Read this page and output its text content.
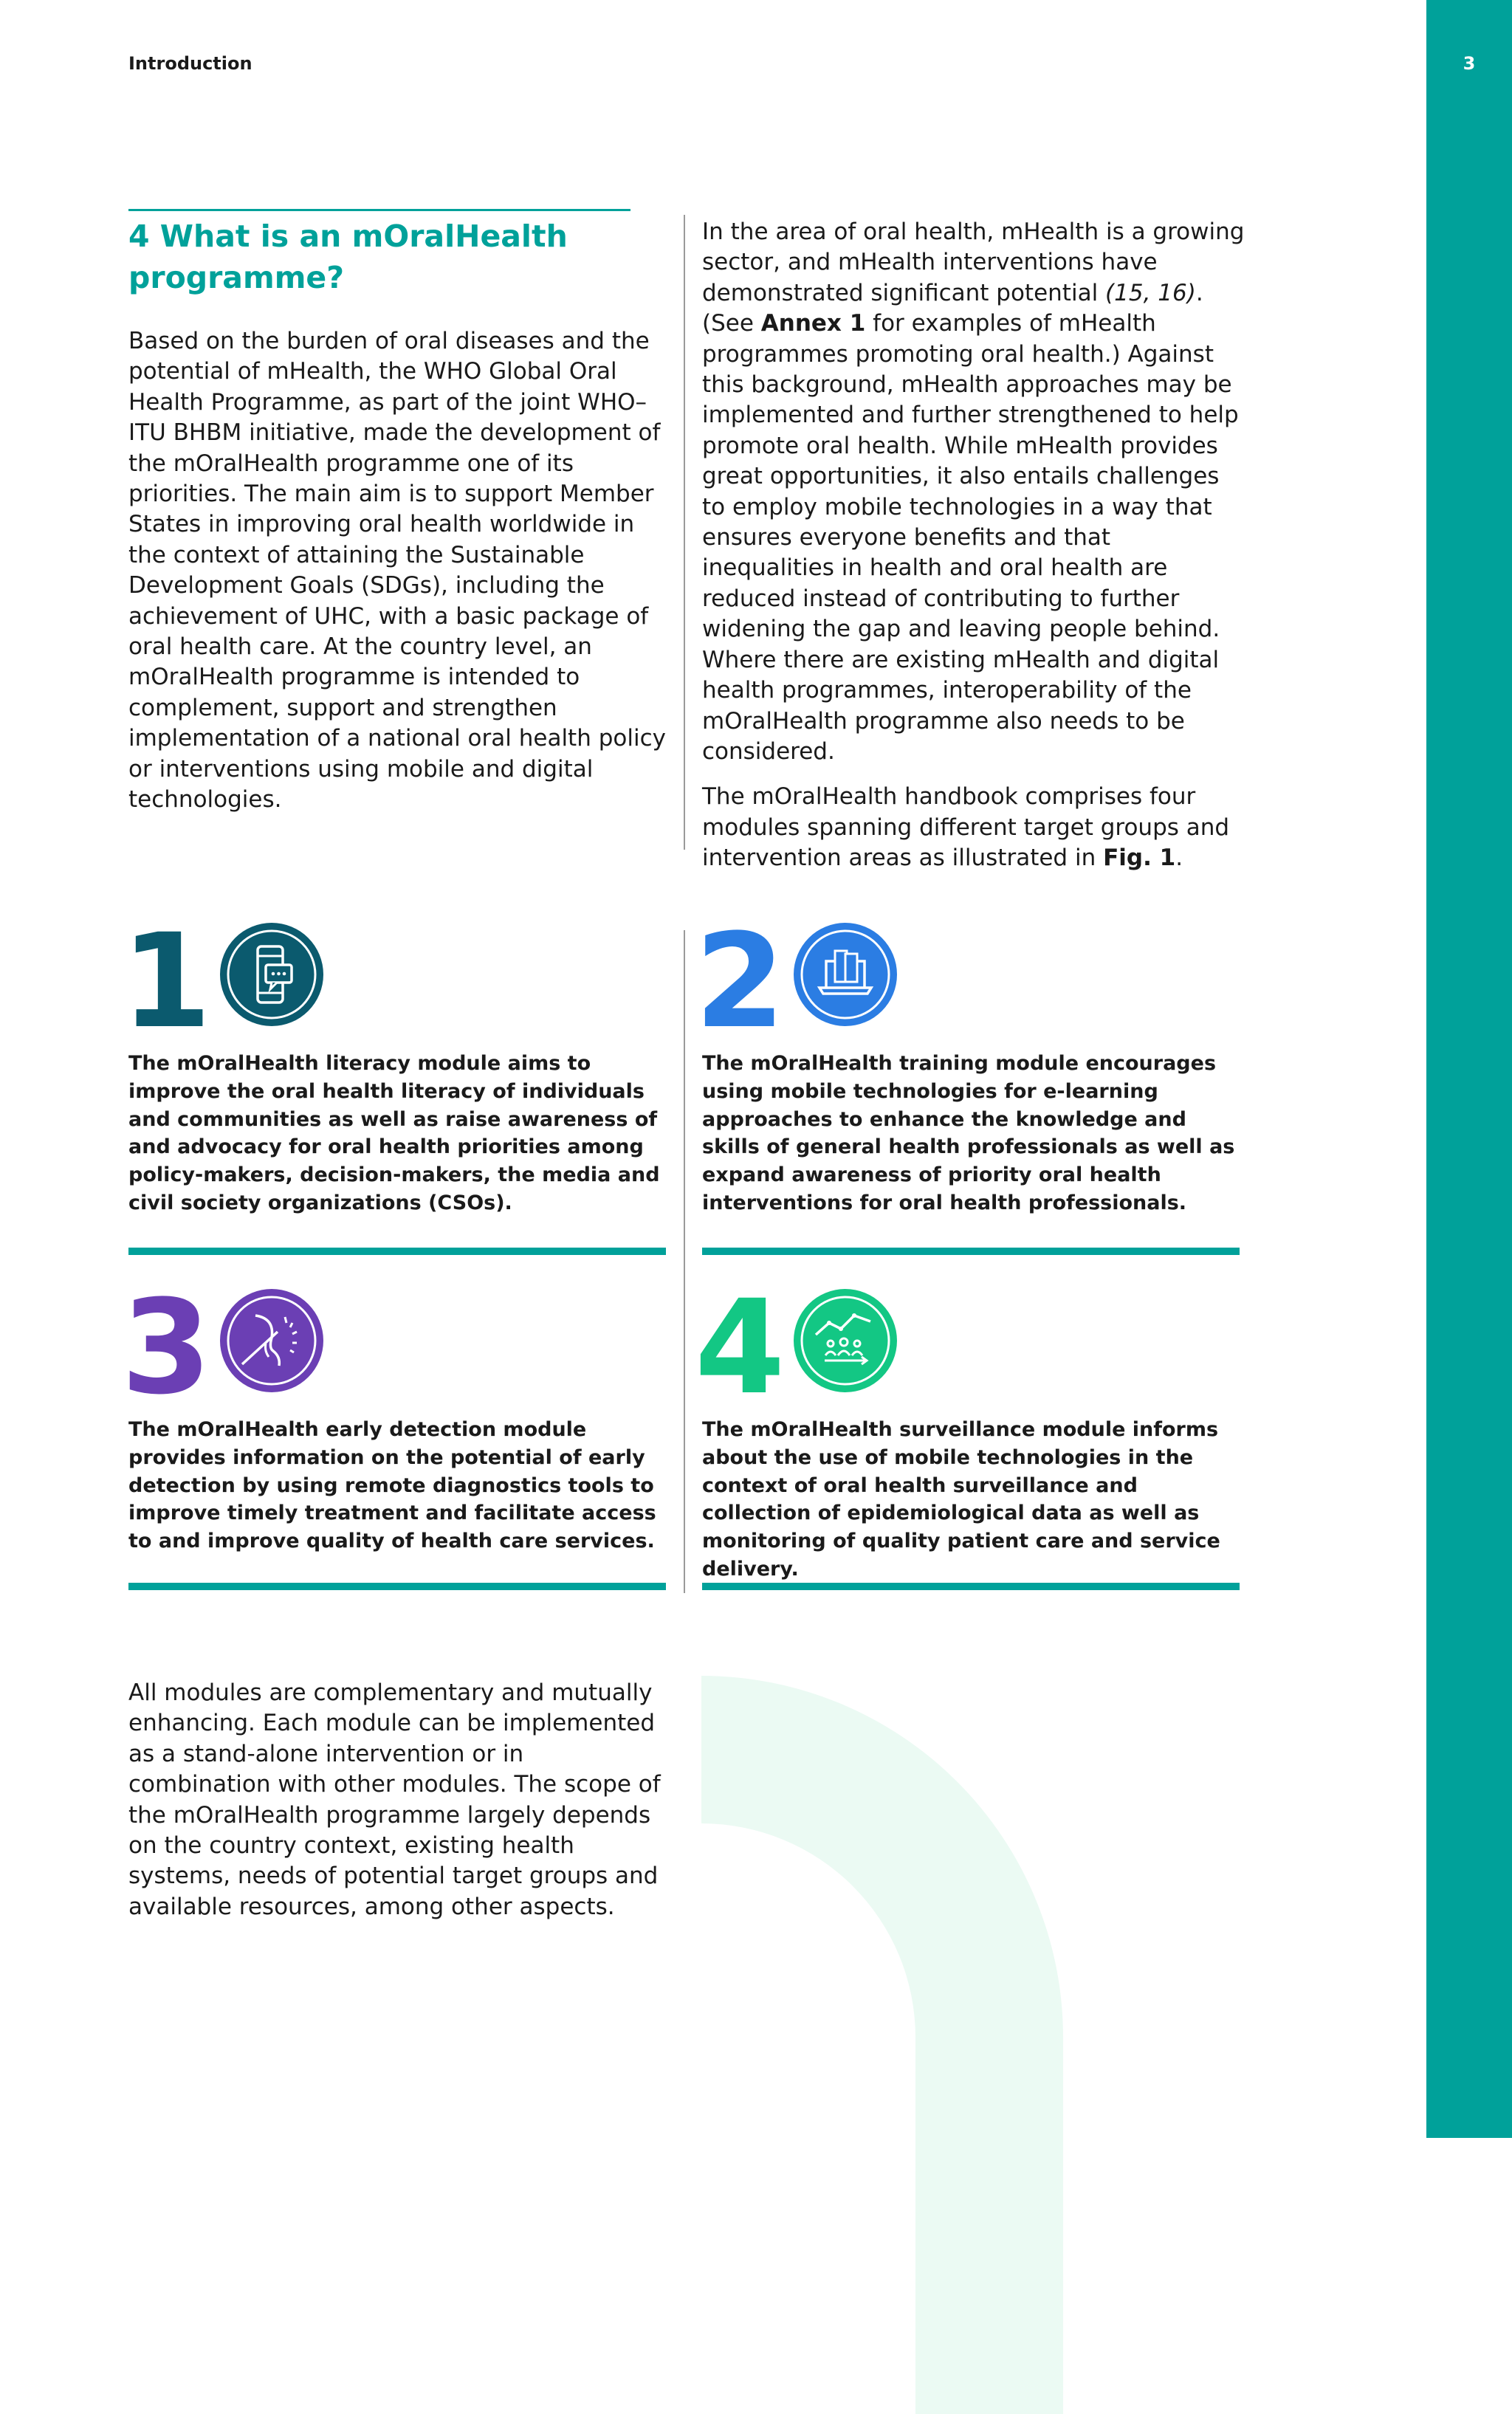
3
Introduction
4 What is an mOralHealth programme?

Based on the burden of oral diseases and the potential of mHealth, the WHO Global Oral Health Programme, as part of the joint WHO–ITU BHBM initiative, made the development of the mOralHealth programme one of its priorities. The main aim is to support Member States in improving oral health worldwide in the context of attaining the Sustainable Development Goals (SDGs), including the achievement of UHC, with a basic package of oral health care. At the country level, an mOralHealth programme is intended to complement, support and strengthen implementation of a national oral health policy or interventions using mobile and digital technologies.

In the area of oral health, mHealth is a growing sector, and mHealth interventions have demonstrated significant potential (15, 16). (See Annex 1 for examples of mHealth programmes promoting oral health.) Against this background, mHealth approaches may be implemented and further strengthened to help promote oral health. While mHealth provides great opportunities, it also entails challenges to employ mobile technologies in a way that ensures everyone benefits and that inequalities in health and oral health are reduced instead of contributing to further widening the gap and leaving people behind. Where there are existing mHealth and digital health programmes, interoperability of the mOralHealth programme also needs to be considered.

The mOralHealth handbook comprises four modules spanning different target groups and intervention areas as illustrated in Fig. 1.

1

The mOralHealth literacy module aims to improve the oral health literacy of individuals and communities as well as raise awareness of and advocacy for oral health priorities among policy-makers, decision-makers, the media and civil society organizations (CSOs).

2

The mOralHealth training module encourages using mobile technologies for e-learning approaches to enhance the knowledge and skills of general health professionals as well as expand awareness of priority oral health interventions for oral health professionals.

3

The mOralHealth early detection module provides information on the potential of early detection by using remote diagnostics tools to improve timely treatment and facilitate access to and improve quality of health care services.

4

The mOralHealth surveillance module informs about the use of mobile technologies in the context of oral health surveillance and collection of epidemiological data as well as monitoring of quality patient care and service delivery.

All modules are complementary and mutually enhancing. Each module can be implemented as a stand-alone intervention or in combination with other modules. The scope of the mOralHealth programme largely depends on the country context, existing health systems, needs of potential target groups and available resources, among other aspects.
